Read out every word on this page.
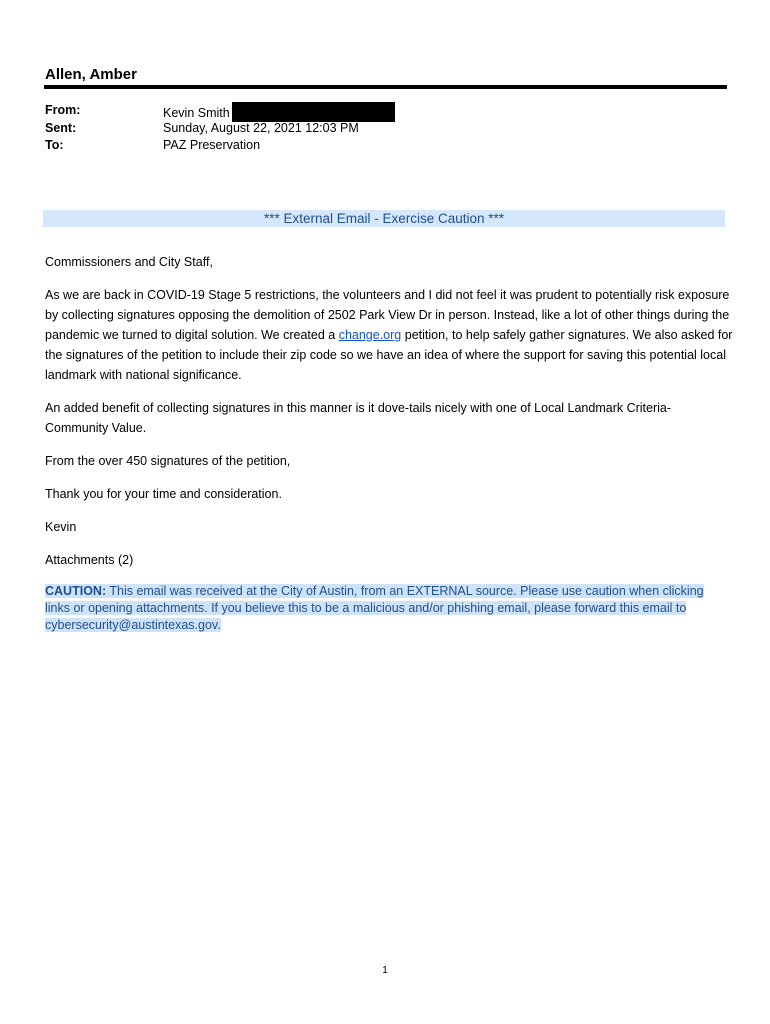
Allen, Amber
From:	Kevin Smith
Sent:	Sunday, August 22, 2021 12:03 PM
To:	PAZ Preservation
*** External Email - Exercise Caution ***

Commissioners and City Staff,

As we are back in COVID-19 Stage 5 restrictions, the volunteers and I did not feel it was prudent to potentially risk exposure by collecting signatures opposing the demolition of 2502 Park View Dr in person. Instead, like a lot of other things during the pandemic we turned to digital solution. We created a change.org petition, to help safely gather signatures. We also asked for the signatures of the petition to include their zip code so we have an idea of where the support for saving this potential local landmark with national significance.

An added benefit of collecting signatures in this manner is it dove-tails nicely with one of Local Landmark Criteria- Community Value.

From the over 450 signatures of the petition,

Thank you for your time and consideration.

Kevin

Attachments (2)

CAUTION: This email was received at the City of Austin, from an EXTERNAL source. Please use caution when clicking links or opening attachments. If you believe this to be a malicious and/or phishing email, please forward this email to cybersecurity@austintexas.gov.
1
